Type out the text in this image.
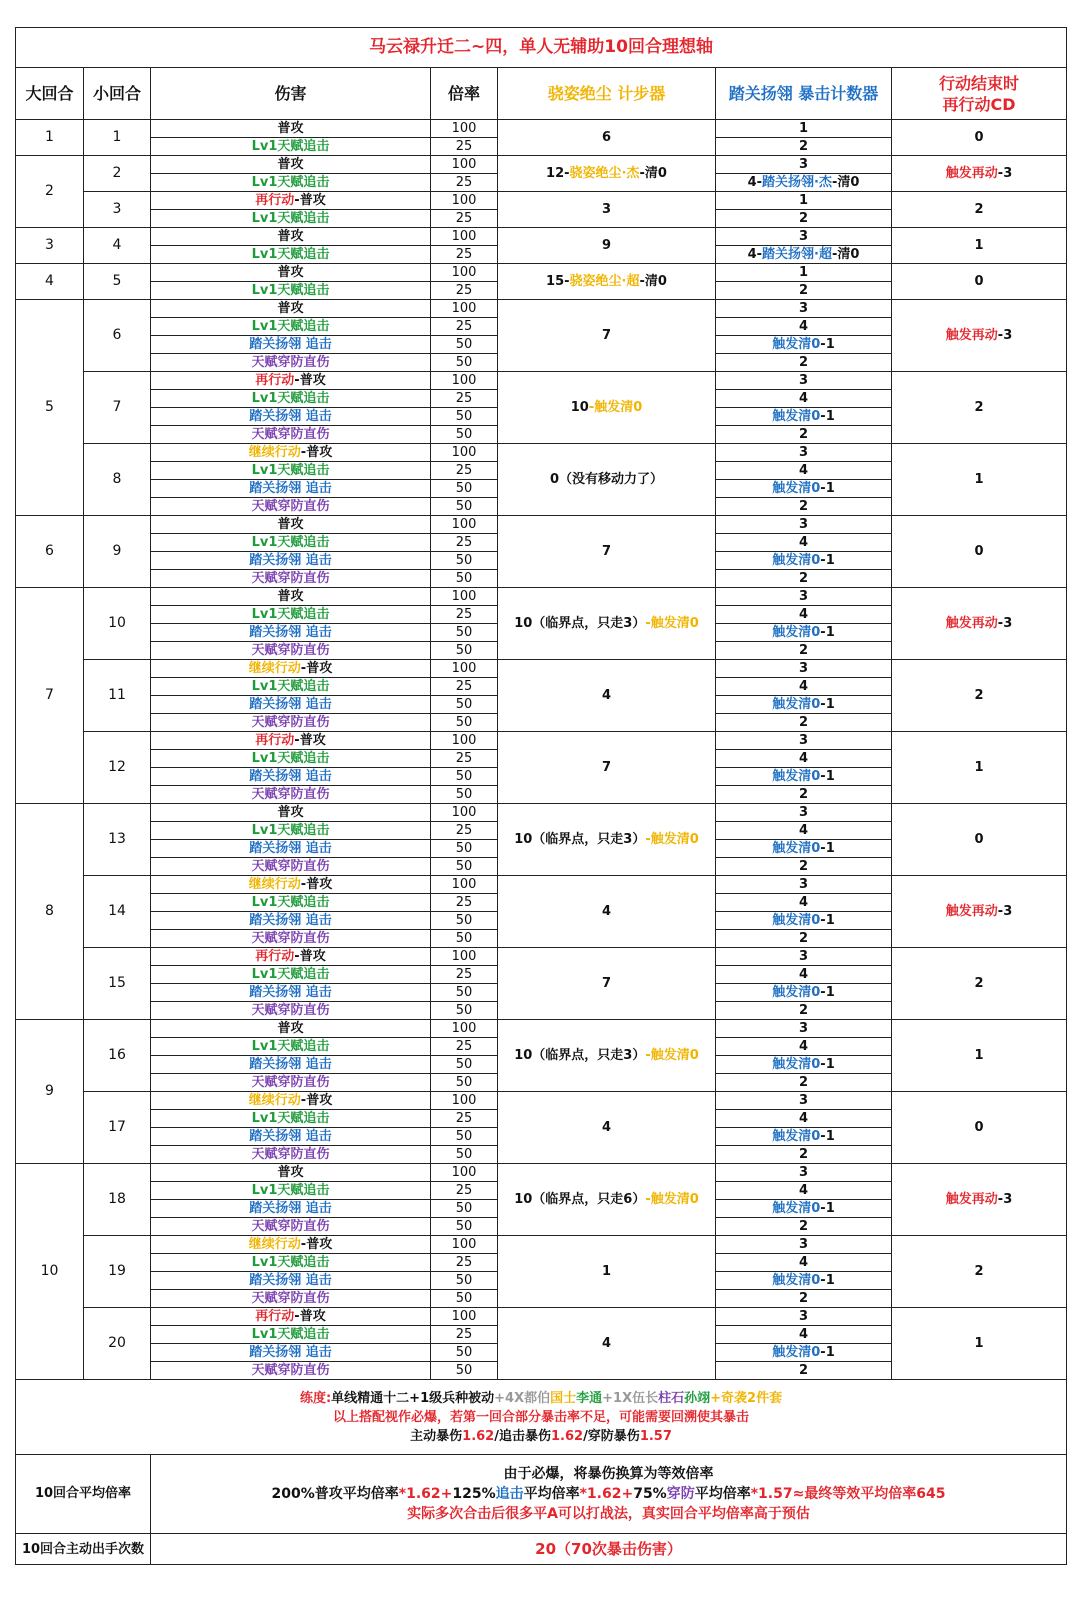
马云禄升迁二~四，单人无辅助10回合理想轴						
大回合	小回合	伤害	倍率	骁姿绝尘 计步器	踏关扬翎 暴击计数器	行动结束时
再行动CD
1	1	普攻	100	6	1	0
		Lv1天赋追击	25		2	
2	2	普攻	100	12-骁姿绝尘·杰-清0	3	触发再动-3
		Lv1天赋追击	25		4-踏关扬翎·杰-清0	
	3	再行动-普攻	100	3	1	2
		Lv1天赋追击	25		2	
3	4	普攻	100	9	3	1
		Lv1天赋追击	25		4-踏关扬翎·超-清0	
4	5	普攻	100	15-骁姿绝尘·超-清0	1	0
		Lv1天赋追击	25		2	
5	6	普攻	100	7	3	触发再动-3
		Lv1天赋追击	25		4	
		踏关扬翎 追击	50		触发清0-1	
		天赋穿防直伤	50		2	
	7	再行动-普攻	100	10-触发清0	3	2
		Lv1天赋追击	25		4	
		踏关扬翎 追击	50		触发清0-1	
		天赋穿防直伤	50		2	
	8	继续行动-普攻	100	0（没有移动力了）	3	1
		Lv1天赋追击	25		4	
		踏关扬翎 追击	50		触发清0-1	
		天赋穿防直伤	50		2	
6	9	普攻	100	7	3	0
		Lv1天赋追击	25		4	
		踏关扬翎 追击	50		触发清0-1	
		天赋穿防直伤	50		2	
7	10	普攻	100	10（临界点，只走3）-触发清0	3	触发再动-3
		Lv1天赋追击	25		4	
		踏关扬翎 追击	50		触发清0-1	
		天赋穿防直伤	50		2	
	11	继续行动-普攻	100	4	3	2
		Lv1天赋追击	25		4	
		踏关扬翎 追击	50		触发清0-1	
		天赋穿防直伤	50		2	
	12	再行动-普攻	100	7	3	1
		Lv1天赋追击	25		4	
		踏关扬翎 追击	50		触发清0-1	
		天赋穿防直伤	50		2	
8	13	普攻	100	10（临界点，只走3）-触发清0	3	0
		Lv1天赋追击	25		4	
		踏关扬翎 追击	50		触发清0-1	
		天赋穿防直伤	50		2	
	14	继续行动-普攻	100	4	3	触发再动-3
		Lv1天赋追击	25		4	
		踏关扬翎 追击	50		触发清0-1	
		天赋穿防直伤	50		2	
	15	再行动-普攻	100	7	3	2
		Lv1天赋追击	25		4	
		踏关扬翎 追击	50		触发清0-1	
		天赋穿防直伤	50		2	
9	16	普攻	100	10（临界点，只走3）-触发清0	3	1
		Lv1天赋追击	25		4	
		踏关扬翎 追击	50		触发清0-1	
		天赋穿防直伤	50		2	
	17	继续行动-普攻	100	4	3	0
		Lv1天赋追击	25		4	
		踏关扬翎 追击	50		触发清0-1	
		天赋穿防直伤	50		2	
10	18	普攻	100	10（临界点，只走6）-触发清0	3	触发再动-3
		Lv1天赋追击	25		4	
		踏关扬翎 追击	50		触发清0-1	
		天赋穿防直伤	50		2	
	19	继续行动-普攻	100	1	3	2
		Lv1天赋追击	25		4	
		踏关扬翎 追击	50		触发清0-1	
		天赋穿防直伤	50		2	
	20	再行动-普攻	100	4	3	1
		Lv1天赋追击	25		4	
		踏关扬翎 追击	50		触发清0-1	
		天赋穿防直伤	50		2	

练度:单线精通十二+1级兵种被动+4X都伯国士李通+1X伍长柱石孙翊+奇袭2件套
以上搭配视作必爆，若第一回合部分暴击率不足，可能需要回溯使其暴击
主动暴伤1.62/追击暴伤1.62/穿防暴伤1.57						

10回合平均倍率		由于必爆，将暴伤换算为等效倍率
200%普攻平均倍率*1.62+125%追击平均倍率*1.62+75%穿防平均倍率*1.57≈最终等效平均倍率645
实际多次合击后很多平A可以打战法，真实回合平均倍率高于预估				

10回合主动出手次数		20（70次暴击伤害）				
